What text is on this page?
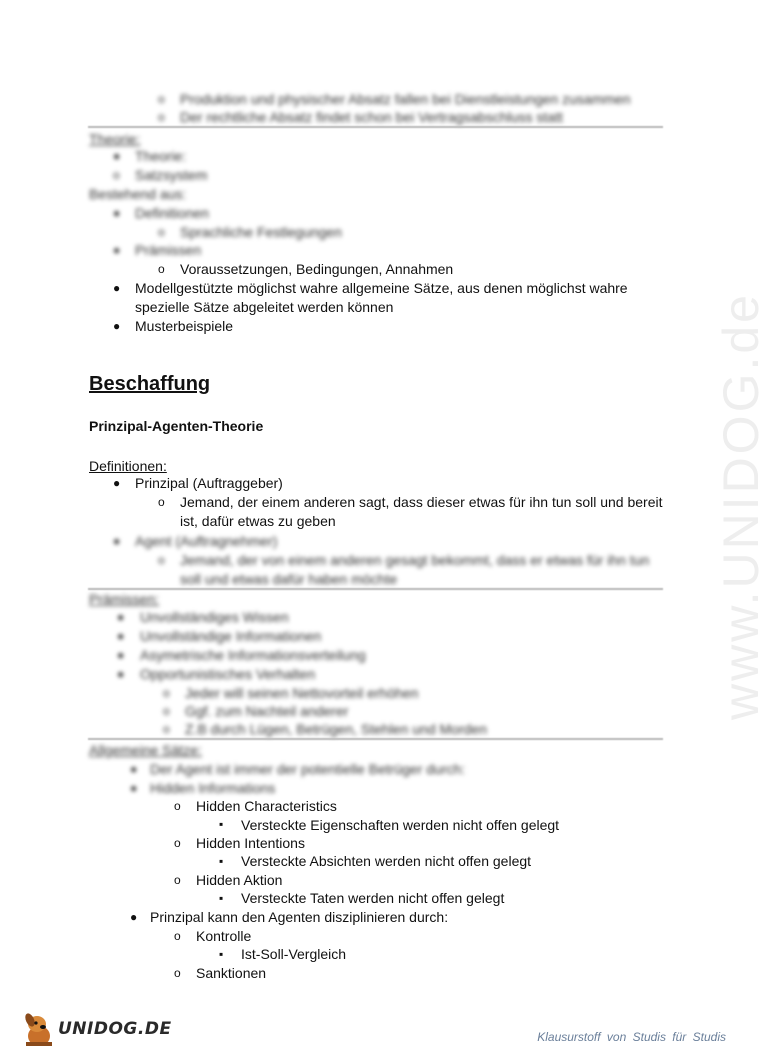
www.UNIDOG.de
o Produktion und physischer Absatz fallen bei Dienstleistungen zusammen
o Der rechtliche Absatz findet schon bei Vertragsabschluss statt
Theorie:
● Theorie:
o Satzsystem
Bestehend aus:
● Definitionen
o Sprachliche Festlegungen
● Prämissen
o Voraussetzungen, Bedingungen, Annahmen
● Modellgestützte möglichst wahre allgemeine Sätze, aus denen möglichst wahre
spezielle Sätze abgeleitet werden können
● Musterbeispiele
Beschaffung
Prinzipal-Agenten-Theorie
Definitionen:
● Prinzipal (Auftraggeber)
o Jemand, der einem anderen sagt, dass dieser etwas für ihn tun soll und bereit
ist, dafür etwas zu geben
● Agent (Auftragnehmer)
o Jemand, der von einem anderen gesagt bekommt, dass er etwas für ihn tun
soll und etwas dafür haben möchte
Prämissen:
● Unvollständiges Wissen
● Unvollständige Informationen
● Asymetrische Informationsverteilung
● Opportunistisches Verhalten
o Jeder will seinen Nettovorteil erhöhen
o Ggf. zum Nachteil anderer
o Z.B durch Lügen, Betrügen, Stehlen und Morden
Allgemeine Sätze:
● Der Agent ist immer der potentielle Betrüger durch:
● Hidden Informations
o Hidden Characteristics
▪ Versteckte Eigenschaften werden nicht offen gelegt
o Hidden Intentions
▪ Versteckte Absichten werden nicht offen gelegt
o Hidden Aktion
▪ Versteckte Taten werden nicht offen gelegt
● Prinzipal kann den Agenten disziplinieren durch:
o Kontrolle
▪ Ist-Soll-Vergleich
o Sanktionen
UNIDOG.DE	Klausurstoff von Studis für Studis
